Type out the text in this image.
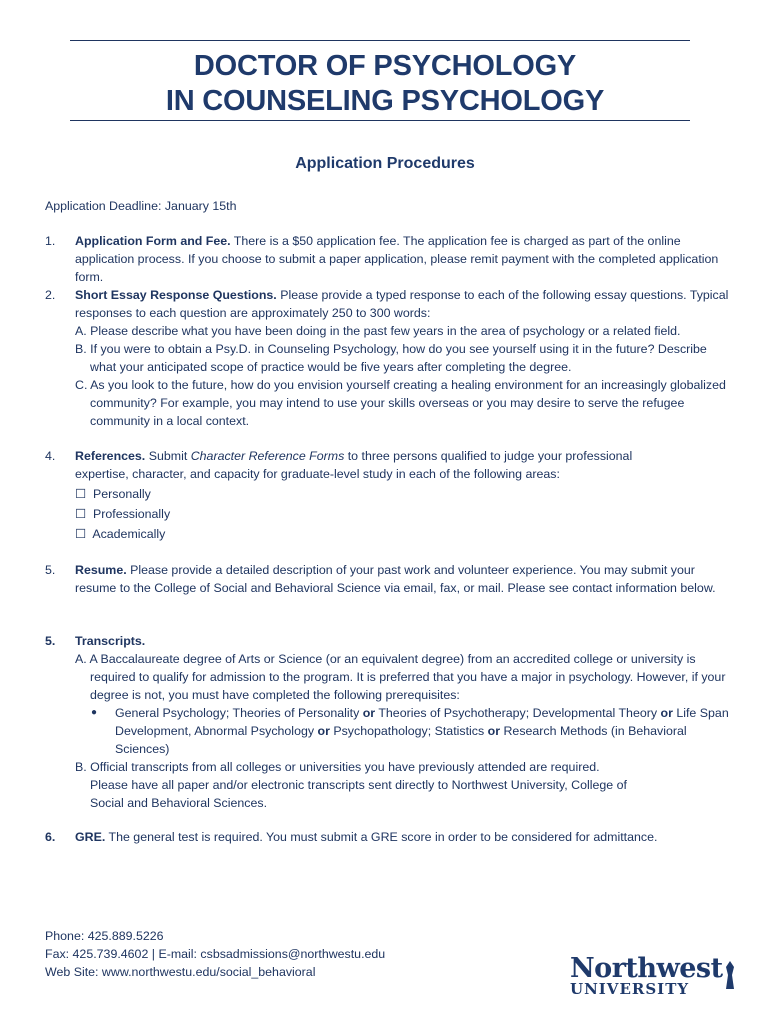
DOCTOR OF PSYCHOLOGY
IN COUNSELING PSYCHOLOGY
Application Procedures
Application Deadline: January 15th
1. Application Form and Fee. There is a $50 application fee. The application fee is charged as part of the online application process. If you choose to submit a paper application, please remit payment with the completed application form.
2. Short Essay Response Questions. Please provide a typed response to each of the following essay questions. Typical responses to each question are approximately 250 to 300 words:
A. Please describe what you have been doing in the past few years in the area of psychology or a related field.
B. If you were to obtain a Psy.D. in Counseling Psychology, how do you see yourself using it in the future? Describe what your anticipated scope of practice would be five years after completing the degree.
C. As you look to the future, how do you envision yourself creating a healing environment for an increasingly globalized community? For example, you may intend to use your skills overseas or you may desire to serve the refugee community in a local context.
4. References. Submit Character Reference Forms to three persons qualified to judge your professional expertise, character, and capacity for graduate-level study in each of the following areas:
☐ Personally
☐ Professionally
☐ Academically
5. Resume. Please provide a detailed description of your past work and volunteer experience. You may submit your resume to the College of Social and Behavioral Science via email, fax, or mail. Please see contact information below.
5. Transcripts.
A. A Baccalaureate degree of Arts or Science (or an equivalent degree) from an accredited college or university is required to qualify for admission to the program. It is preferred that you have a major in psychology. However, if your degree is not, you must have completed the following prerequisites:
● General Psychology; Theories of Personality or Theories of Psychotherapy; Developmental Theory or Life Span Development, Abnormal Psychology or Psychopathology; Statistics or Research Methods (in Behavioral Sciences)
B. Official transcripts from all colleges or universities you have previously attended are required.
Please have all paper and/or electronic transcripts sent directly to Northwest University, College of Social and Behavioral Sciences.
6. GRE. The general test is required. You must submit a GRE score in order to be considered for admittance.
Phone: 425.889.5226
Fax: 425.739.4602 | E-mail: csbsadmissions@northwestu.edu
Web Site: www.northwestu.edu/social_behavioral	Northwest
UNIVERSITY
